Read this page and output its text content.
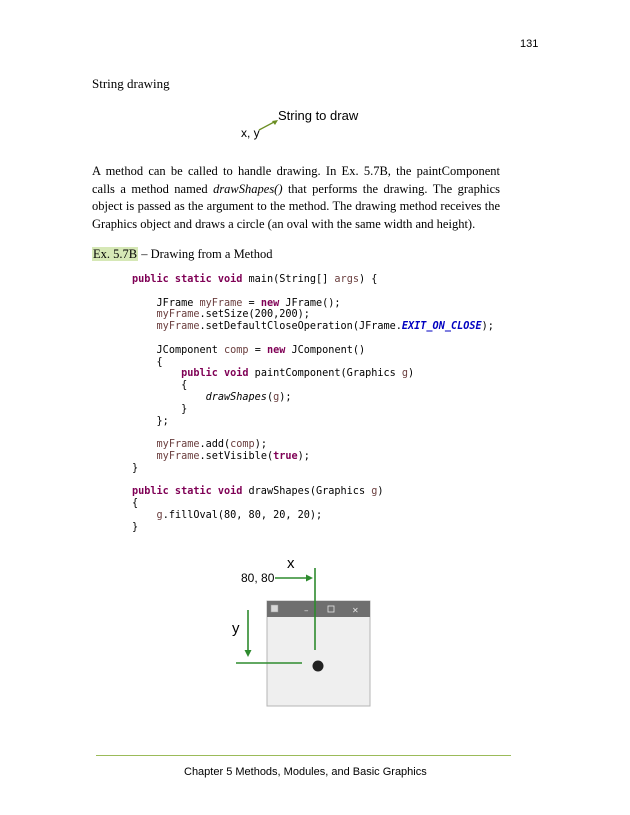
131
String drawing
String to draw
x, y
A method can be called to handle drawing. In Ex. 5.7B, the paintComponent calls a method named drawShapes() that performs the drawing. The graphics object is passed as the argument to the method. The drawing method receives the Graphics object and draws a circle (an oval with the same width and height).
Ex. 5.7B – Drawing from a Method
public static void main(String[] args) {

JFrame myFrame = new JFrame();
myFrame.setSize(200,200);
myFrame.setDefaultCloseOperation(JFrame.EXIT_ON_CLOSE);

JComponent comp = new JComponent()
{
public void paintComponent(Graphics g)
{
drawShapes(g);
}
};

myFrame.add(comp);
myFrame.setVisible(true);
}

public static void drawShapes(Graphics g)
{
g.fillOval(80, 80, 20, 20);
}
–	✕
80, 80
x
y
Chapter 5 Methods, Modules, and Basic Graphics
